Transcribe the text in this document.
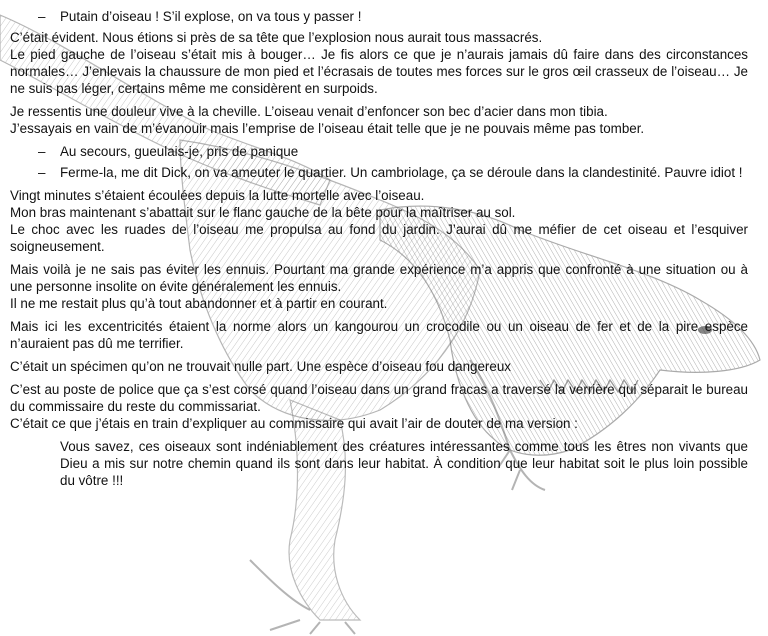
–	Putain d’oiseau ! S’il explose, on va tous y passer !

C’était évident. Nous étions si près de sa tête que l’explosion nous aurait tous massacrés.
Le pied gauche de l’oiseau s’était mis à bouger… Je fis alors ce que je n’aurais jamais dû faire dans des circonstances normales… J’enlevais la chaussure de mon pied et l’écrasais de toutes mes forces sur le gros œil crasseux de l’oiseau… Je ne suis pas léger, certains même me considèrent en surpoids.

Je ressentis une douleur vive à la cheville. L’oiseau venait d’enfoncer son bec d’acier dans mon tibia.
J’essayais en vain de m’évanouir mais l’emprise de l’oiseau était telle que je ne pouvais même pas tomber.

–	Au secours, gueulais-je, pris de panique
–	Ferme-la, me dit Dick, on va ameuter le quartier. Un cambriolage, ça se déroule dans la clandestinité. Pauvre idiot !

Vingt minutes s’étaient écoulées depuis la lutte mortelle avec l’oiseau.
Mon bras maintenant s’abattait sur le flanc gauche de la bête pour la maîtriser au sol.
Le choc avec les ruades de l’oiseau me propulsa au fond du jardin. J’aurai dû me méfier de cet oiseau et l’esquiver soigneusement.

Mais voilà je ne sais pas éviter les ennuis. Pourtant ma grande expérience m’a appris que confronté à une situation ou à une personne insolite on évite généralement les ennuis.
Il ne me restait plus qu’à tout abandonner et à partir en courant.

Mais ici les excentricités étaient la norme alors un kangourou un crocodile ou un oiseau de fer et de la pire espèce n’auraient pas dû me terrifier.

C’était un spécimen qu’on ne trouvait nulle part. Une espèce d’oiseau fou dangereux

C’est au poste de police que ça s’est corsé quand l’oiseau dans un grand fracas a traversé la verrière qui séparait le bureau du commissaire du reste du commissariat.
C’était ce que j’étais en train d’expliquer au commissaire qui avait l’air de douter de ma version :

Vous savez, ces oiseaux sont indéniablement des créatures intéressantes comme tous les êtres non vivants que Dieu a mis sur notre chemin quand ils sont dans leur habitat. À condition que leur habitat soit le plus loin possible du vôtre !!!
